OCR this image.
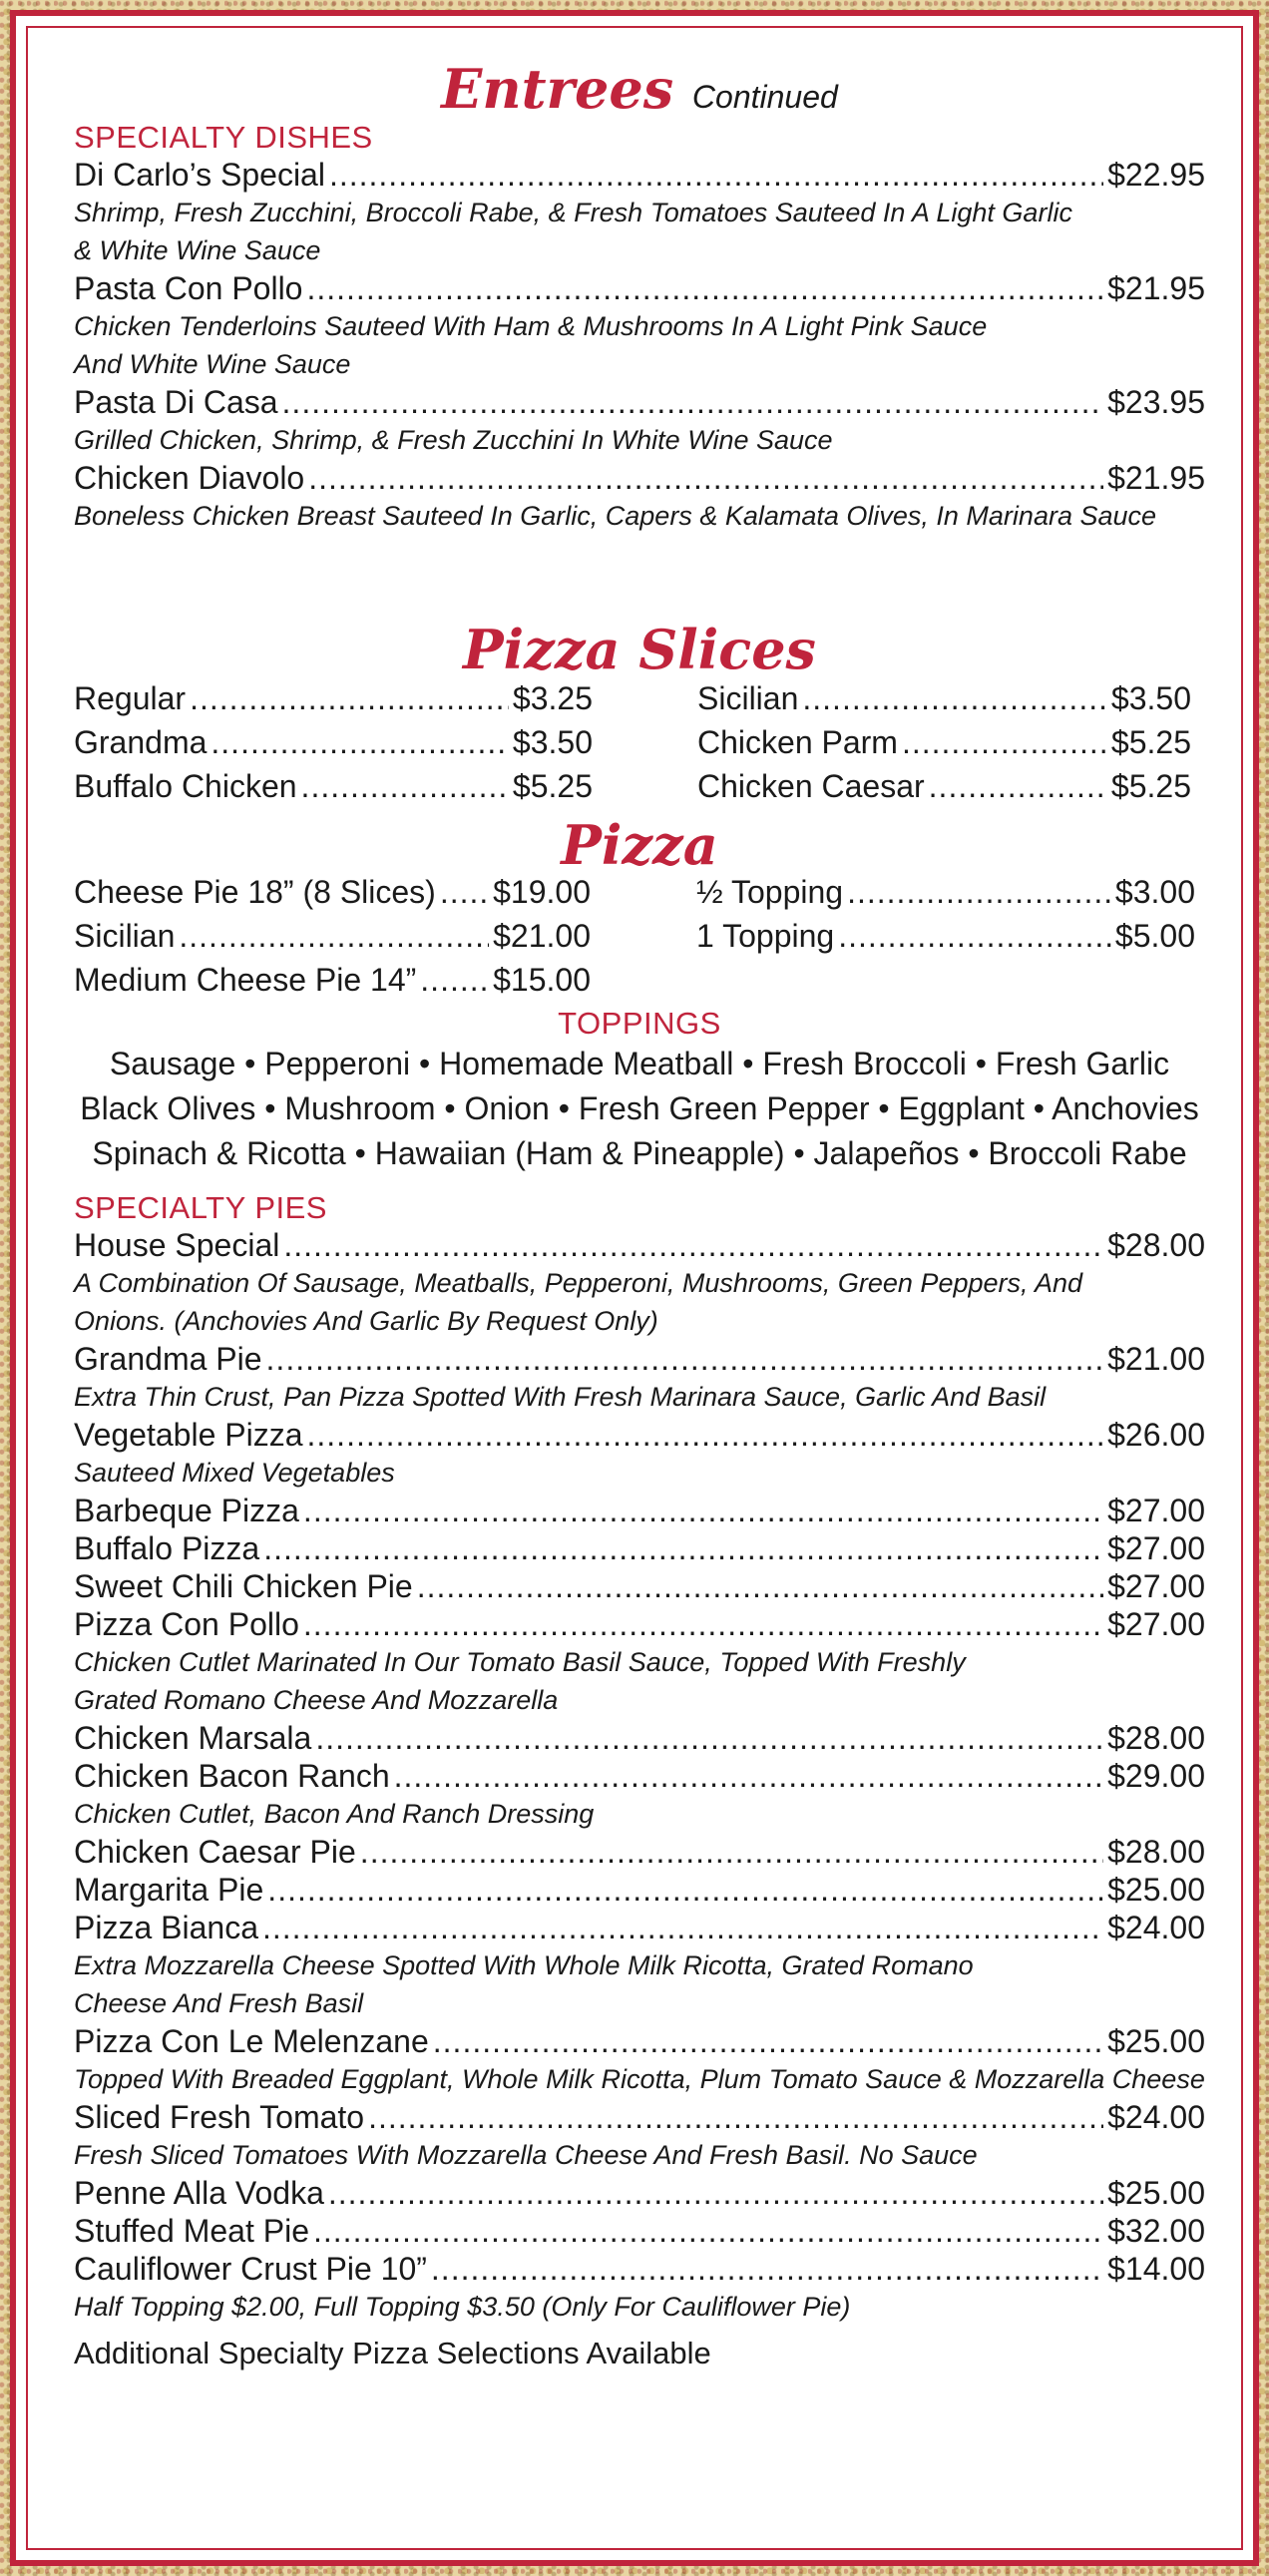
Entrees Continued
SPECIALTY DISHES
Di Carlo’s Special .....	$22.95
Shrimp, Fresh Zucchini, Broccoli Rabe, & Fresh Tomatoes Sauteed In A Light Garlic
& White Wine Sauce
Pasta Con Pollo .....	$21.95
Chicken Tenderloins Sauteed With Ham & Mushrooms In A Light Pink Sauce
And White Wine Sauce
Pasta Di Casa .....	$23.95
Grilled Chicken, Shrimp, & Fresh Zucchini In White Wine Sauce
Chicken Diavolo .....	$21.95
Boneless Chicken Breast Sauteed In Garlic, Capers & Kalamata Olives, In Marinara Sauce
Pizza Slices
Regular .....	$3.25
Grandma .....	$3.50
Buffalo Chicken .....	$5.25
Sicilian .....	$3.50
Chicken Parm .....	$5.25
Chicken Caesar .....	$5.25
Pizza
Cheese Pie 18” (8 Slices) ..... $19.00
Sicilian .....	$21.00
Medium Cheese Pie 14” ..... $15.00
½ Topping .....	$3.00
1 Topping .....	$5.00
TOPPINGS
Sausage • Pepperoni • Homemade Meatball • Fresh Broccoli • Fresh Garlic
Black Olives • Mushroom • Onion • Fresh Green Pepper • Eggplant • Anchovies
Spinach & Ricotta • Hawaiian (Ham & Pineapple) • Jalapeños • Broccoli Rabe
SPECIALTY PIES
House Special .....	$28.00
A Combination Of Sausage, Meatballs, Pepperoni, Mushrooms, Green Peppers, And
Onions. (Anchovies And Garlic By Request Only)
Grandma Pie .....	$21.00
Extra Thin Crust, Pan Pizza Spotted With Fresh Marinara Sauce, Garlic And Basil
Vegetable Pizza .....	$26.00
Sauteed Mixed Vegetables
Barbeque Pizza .....	$27.00
Buffalo Pizza .....	$27.00
Sweet Chili Chicken Pie .....	$27.00
Pizza Con Pollo .....	$27.00
Chicken Cutlet Marinated In Our Tomato Basil Sauce, Topped With Freshly
Grated Romano Cheese And Mozzarella
Chicken Marsala .....	$28.00
Chicken Bacon Ranch .....	$29.00
Chicken Cutlet, Bacon And Ranch Dressing
Chicken Caesar Pie .....	$28.00
Margarita Pie .....	$25.00
Pizza Bianca .....	$24.00
Extra Mozzarella Cheese Spotted With Whole Milk Ricotta, Grated Romano
Cheese And Fresh Basil
Pizza Con Le Melenzane .....	$25.00
Topped With Breaded Eggplant, Whole Milk Ricotta, Plum Tomato Sauce & Mozzarella Cheese
Sliced Fresh Tomato .....	$24.00
Fresh Sliced Tomatoes With Mozzarella Cheese And Fresh Basil. No Sauce
Penne Alla Vodka .....	$25.00
Stuffed Meat Pie .....	$32.00
Cauliflower Crust Pie 10” .....	$14.00
Half Topping $2.00, Full Topping $3.50 (Only For Cauliflower Pie)
Additional Specialty Pizza Selections Available
